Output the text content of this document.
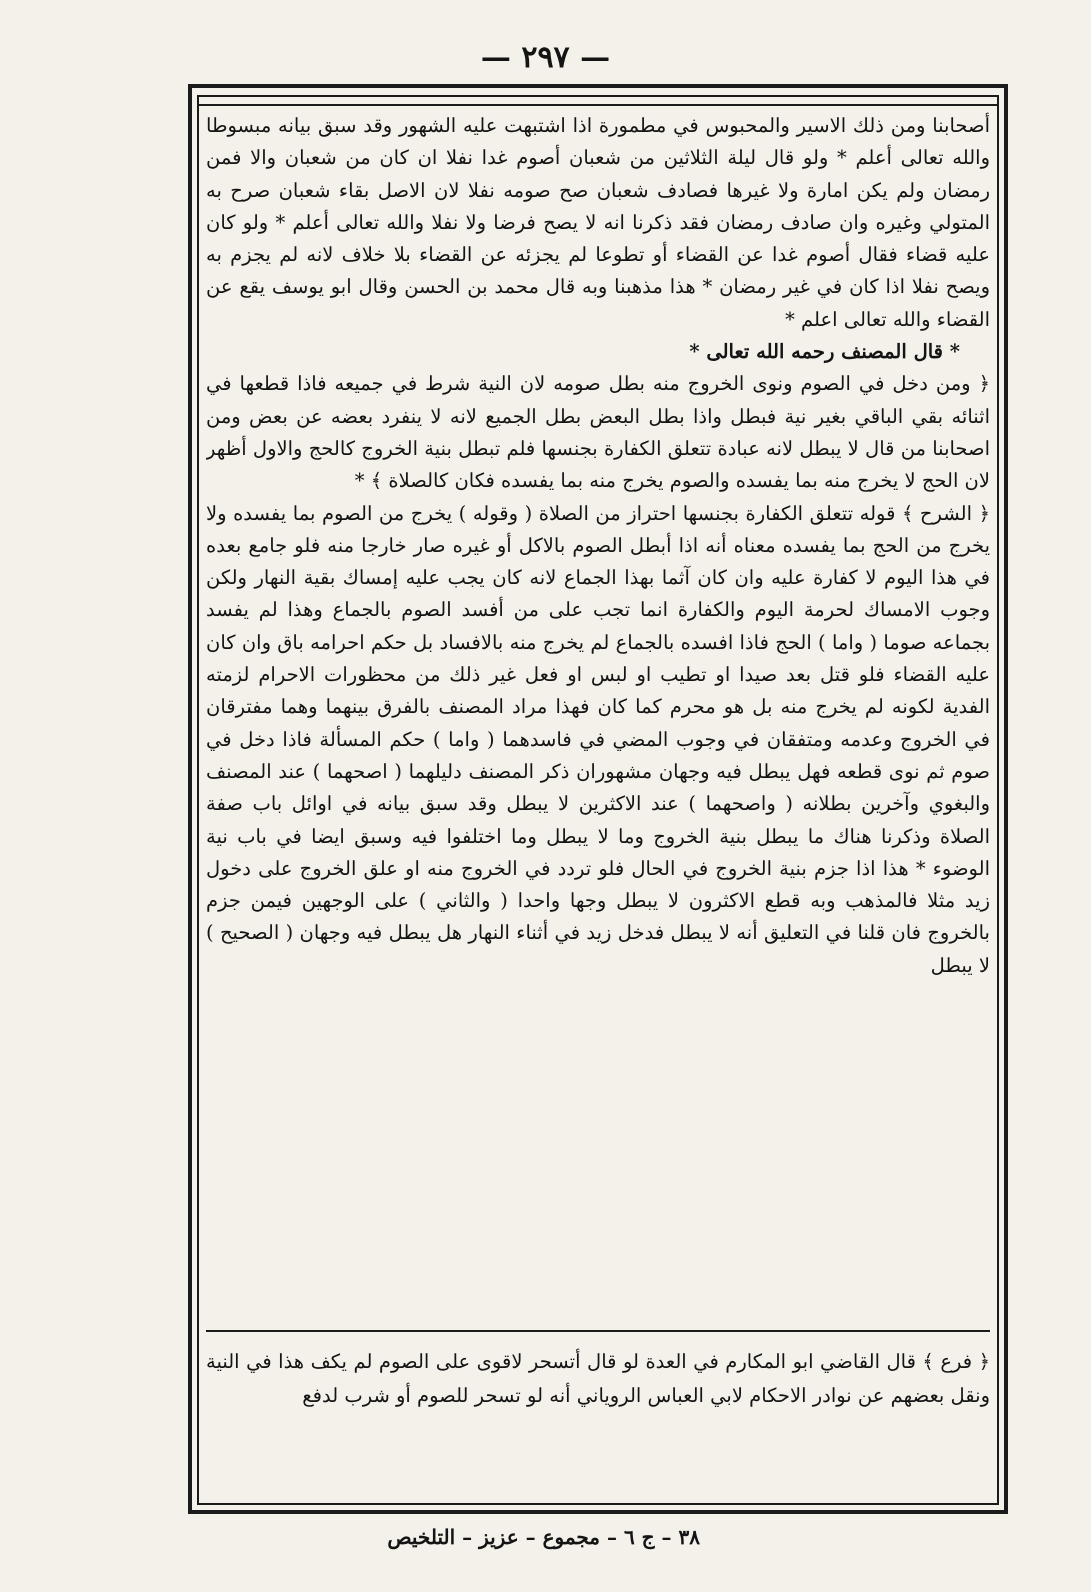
— ٢٩٧ —

أصحابنا ومن ذلك الاسير والمحبوس في مطمورة اذا اشتبهت عليه الشهور وقد سبق بيانه مبسوطا والله تعالى أعلم * ولو قال ليلة الثلاثين من شعبان أصوم غدا نفلا ان كان من شعبان والا فمن رمضان ولم يكن امارة ولا غيرها فصادف شعبان صح صومه نفلا لان الاصل بقاء شعبان صرح به المتولي وغيره وان صادف رمضان فقد ذكرنا انه لا يصح فرضا ولا نفلا والله تعالى أعلم * ولو كان عليه قضاء فقال أصوم غدا عن القضاء أو تطوعا لم يجزئه عن القضاء بلا خلاف لانه لم يجزم به ويصح نفلا اذا كان في غير رمضان * هذا مذهبنا وبه قال محمد بن الحسن وقال ابو يوسف يقع عن القضاء والله تعالى اعلم *

* قال المصنف رحمه الله تعالى *

﴿ ومن دخل في الصوم ونوى الخروج منه بطل صومه لان النية شرط في جميعه فاذا قطعها في اثنائه بقي الباقي بغير نية فبطل واذا بطل البعض بطل الجميع لانه لا ينفرد بعضه عن بعض ومن اصحابنا من قال لا يبطل لانه عبادة تتعلق الكفارة بجنسها فلم تبطل بنية الخروج كالحج والاول أظهر لان الحج لا يخرج منه بما يفسده والصوم يخرج منه بما يفسده فكان كالصلاة ﴾ *

﴿ الشرح ﴾ قوله تتعلق الكفارة بجنسها احتراز من الصلاة ( وقوله ) يخرج من الصوم بما يفسده ولا يخرج من الحج بما يفسده معناه أنه اذا أبطل الصوم بالاكل أو غيره صار خارجا منه فلو جامع بعده في هذا اليوم لا كفارة عليه وان كان آثما بهذا الجماع لانه كان يجب عليه إمساك بقية النهار ولكن وجوب الامساك لحرمة اليوم والكفارة انما تجب على من أفسد الصوم بالجماع وهذا لم يفسد بجماعه صوما ( واما ) الحج فاذا افسده بالجماع لم يخرج منه بالافساد بل حكم احرامه باق وان كان عليه القضاء فلو قتل بعد صيدا او تطيب او لبس او فعل غير ذلك من محظورات الاحرام لزمته الفدية لكونه لم يخرج منه بل هو محرم كما كان فهذا مراد المصنف بالفرق بينهما وهما مفترقان في الخروج وعدمه ومتفقان في وجوب المضي في فاسدهما ( واما ) حكم المسألة فاذا دخل في صوم ثم نوى قطعه فهل يبطل فيه وجهان مشهوران ذكر المصنف دليلهما ( اصحهما ) عند المصنف والبغوي وآخرين بطلانه ( واصحهما ) عند الاكثرين لا يبطل وقد سبق بيانه في اوائل باب صفة الصلاة وذكرنا هناك ما يبطل بنية الخروج وما لا يبطل وما اختلفوا فيه وسبق ايضا في باب نية الوضوء * هذا اذا جزم بنية الخروج في الحال فلو تردد في الخروج منه او علق الخروج على دخول زيد مثلا فالمذهب وبه قطع الاكثرون لا يبطل وجها واحدا ( والثاني ) على الوجهين فيمن جزم بالخروج فان قلنا في التعليق أنه لا يبطل فدخل زيد في أثناء النهار هل يبطل فيه وجهان ( الصحيح ) لا يبطل

﴿ فرع ﴾ قال القاضي ابو المكارم في العدة لو قال أتسحر لاقوى على الصوم لم يكف هذا في النية ونقل بعضهم عن نوادر الاحكام لابي العباس الروياني أنه لو تسحر للصوم أو شرب لدفع
٣٨ – ج ٦ – مجموع – عزيز – التلخيص
